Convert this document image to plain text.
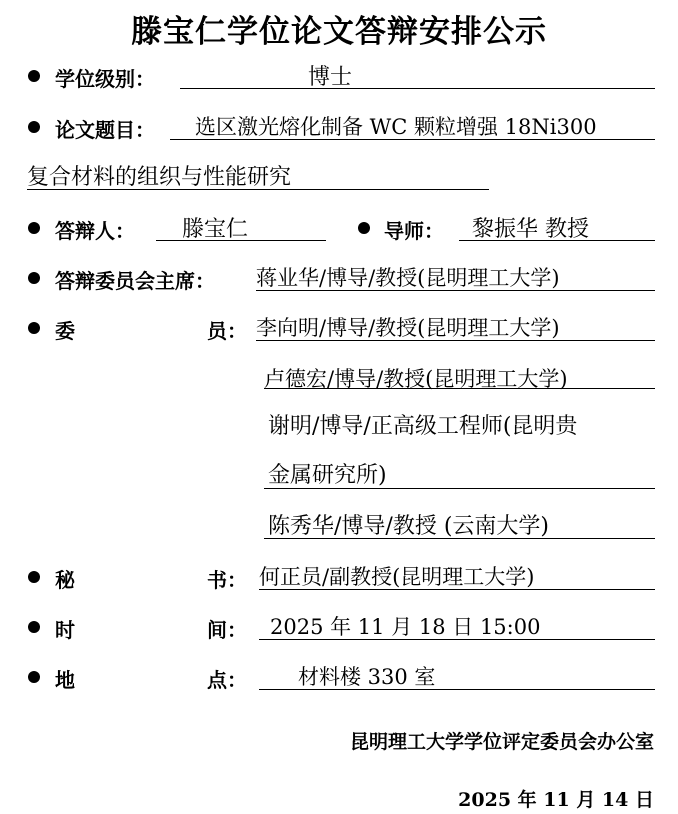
滕宝仁学位论文答辩安排公示
学位级别：	博士
论文题目： 选区激光熔化制备 WC 颗粒增强 18Ni300
复合材料的组织与性能研究
答辩人： 滕宝仁	导师： 黎振华 教授
答辩委员会主席： 蒋业华/博导/教授(昆明理工大学)
委	员： 李向明/博导/教授(昆明理工大学)
卢德宏/博导/教授(昆明理工大学)
谢明/博导/正高级工程师(昆明贵
金属研究所)
陈秀华/博导/教授 (云南大学)
秘	书： 何正员/副教授(昆明理工大学)
时	间： 2025 年 11 月 18 日 15:00
地	点： 材料楼 330 室
昆明理工大学学位评定委员会办公室
2025 年 11 月 14 日
